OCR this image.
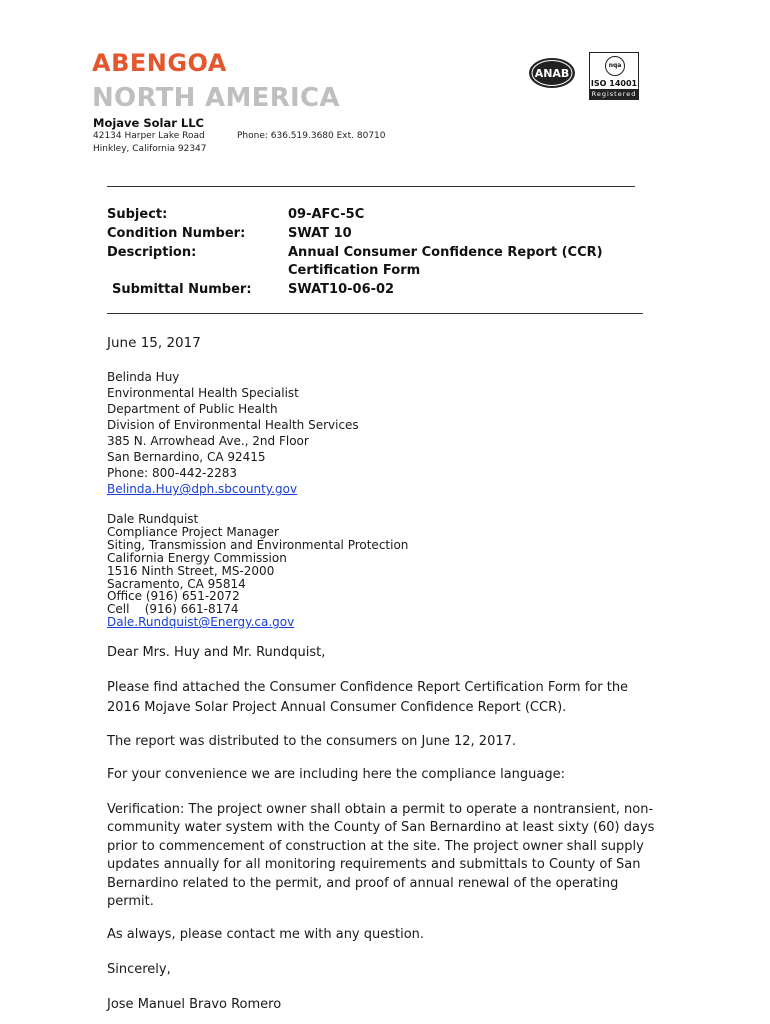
ABENGOA
NORTH AMERICA
Mojave Solar LLC
42134 Harper Lake Road
Hinkley, California 92347
Phone: 636.519.3680 Ext. 80710
ANAB
nqa
ISO 14001
Registered
Subject:	09-AFC-5C
Condition Number:	SWAT 10
Description:	Annual Consumer Confidence Report (CCR)
Certification Form
Submittal Number:	SWAT10-06-02
June 15, 2017
Belinda Huy
Environmental Health Specialist
Department of Public Health
Division of Environmental Health Services
385 N. Arrowhead Ave., 2nd Floor
San Bernardino, CA 92415
Phone: 800-442-2283
Belinda.Huy@dph.sbcounty.gov
Dale Rundquist
Compliance Project Manager
Siting, Transmission and Environmental Protection
California Energy Commission
1516 Ninth Street, MS-2000
Sacramento, CA 95814
Office (916) 651-2072
Cell    (916) 661-8174
Dale.Rundquist@Energy.ca.gov
Dear Mrs. Huy and Mr. Rundquist,
Please find attached the Consumer Confidence Report Certification Form for the
2016 Mojave Solar Project Annual Consumer Confidence Report (CCR).
The report was distributed to the consumers on June 12, 2017.
For your convenience we are including here the compliance language:
Verification: The project owner shall obtain a permit to operate a nontransient, non-
community water system with the County of San Bernardino at least sixty (60) days
prior to commencement of construction at the site. The project owner shall supply
updates annually for all monitoring requirements and submittals to County of San
Bernardino related to the permit, and proof of annual renewal of the operating
permit.
As always, please contact me with any question.
Sincerely,
Jose Manuel Bravo Romero
